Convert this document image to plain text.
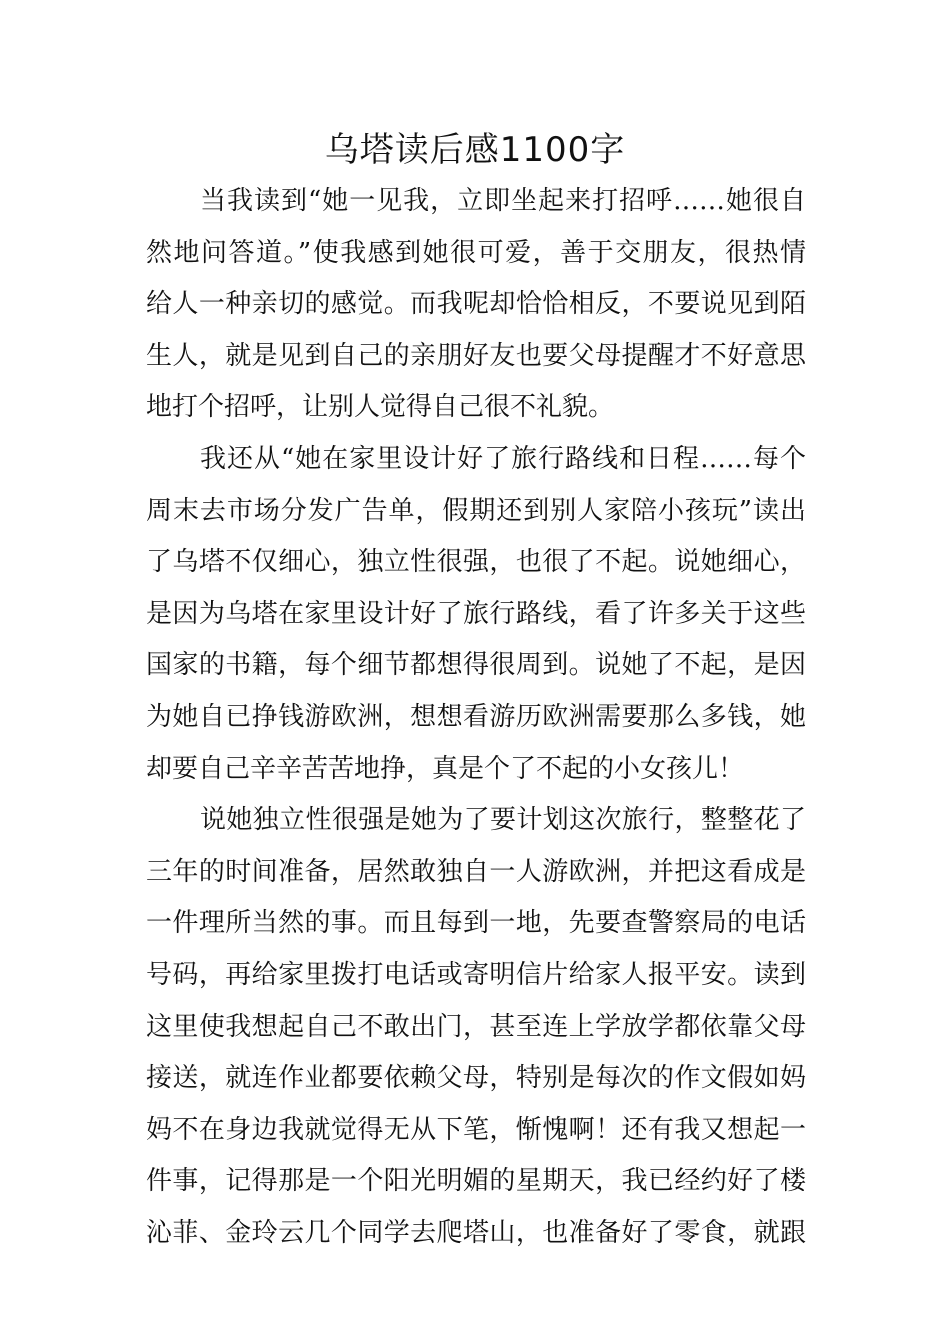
乌塔读后感1100字
当我读到“她一见我，立即坐起来打招呼……她很自
然地问答道。”使我感到她很可爱，善于交朋友，很热情
给人一种亲切的感觉。而我呢却恰恰相反，不要说见到陌
生人，就是见到自己的亲朋好友也要父母提醒才不好意思
地打个招呼，让别人觉得自己很不礼貌。
我还从“她在家里设计好了旅行路线和日程……每个
周末去市场分发广告单，假期还到别人家陪小孩玩”读出
了乌塔不仅细心，独立性很强，也很了不起。说她细心，
是因为乌塔在家里设计好了旅行路线，看了许多关于这些
国家的书籍，每个细节都想得很周到。说她了不起，是因
为她自已挣钱游欧洲，想想看游历欧洲需要那么多钱，她
却要自己辛辛苦苦地挣，真是个了不起的小女孩儿！
说她独立性很强是她为了要计划这次旅行，整整花了
三年的时间准备，居然敢独自一人游欧洲，并把这看成是
一件理所当然的事。而且每到一地，先要查警察局的电话
号码，再给家里拨打电话或寄明信片给家人报平安。读到
这里使我想起自己不敢出门，甚至连上学放学都依靠父母
接送，就连作业都要依赖父母，特别是每次的作文假如妈
妈不在身边我就觉得无从下笔，惭愧啊！还有我又想起一
件事，记得那是一个阳光明媚的星期天，我已经约好了楼
沁菲、金玲云几个同学去爬塔山，也准备好了零食，就跟
